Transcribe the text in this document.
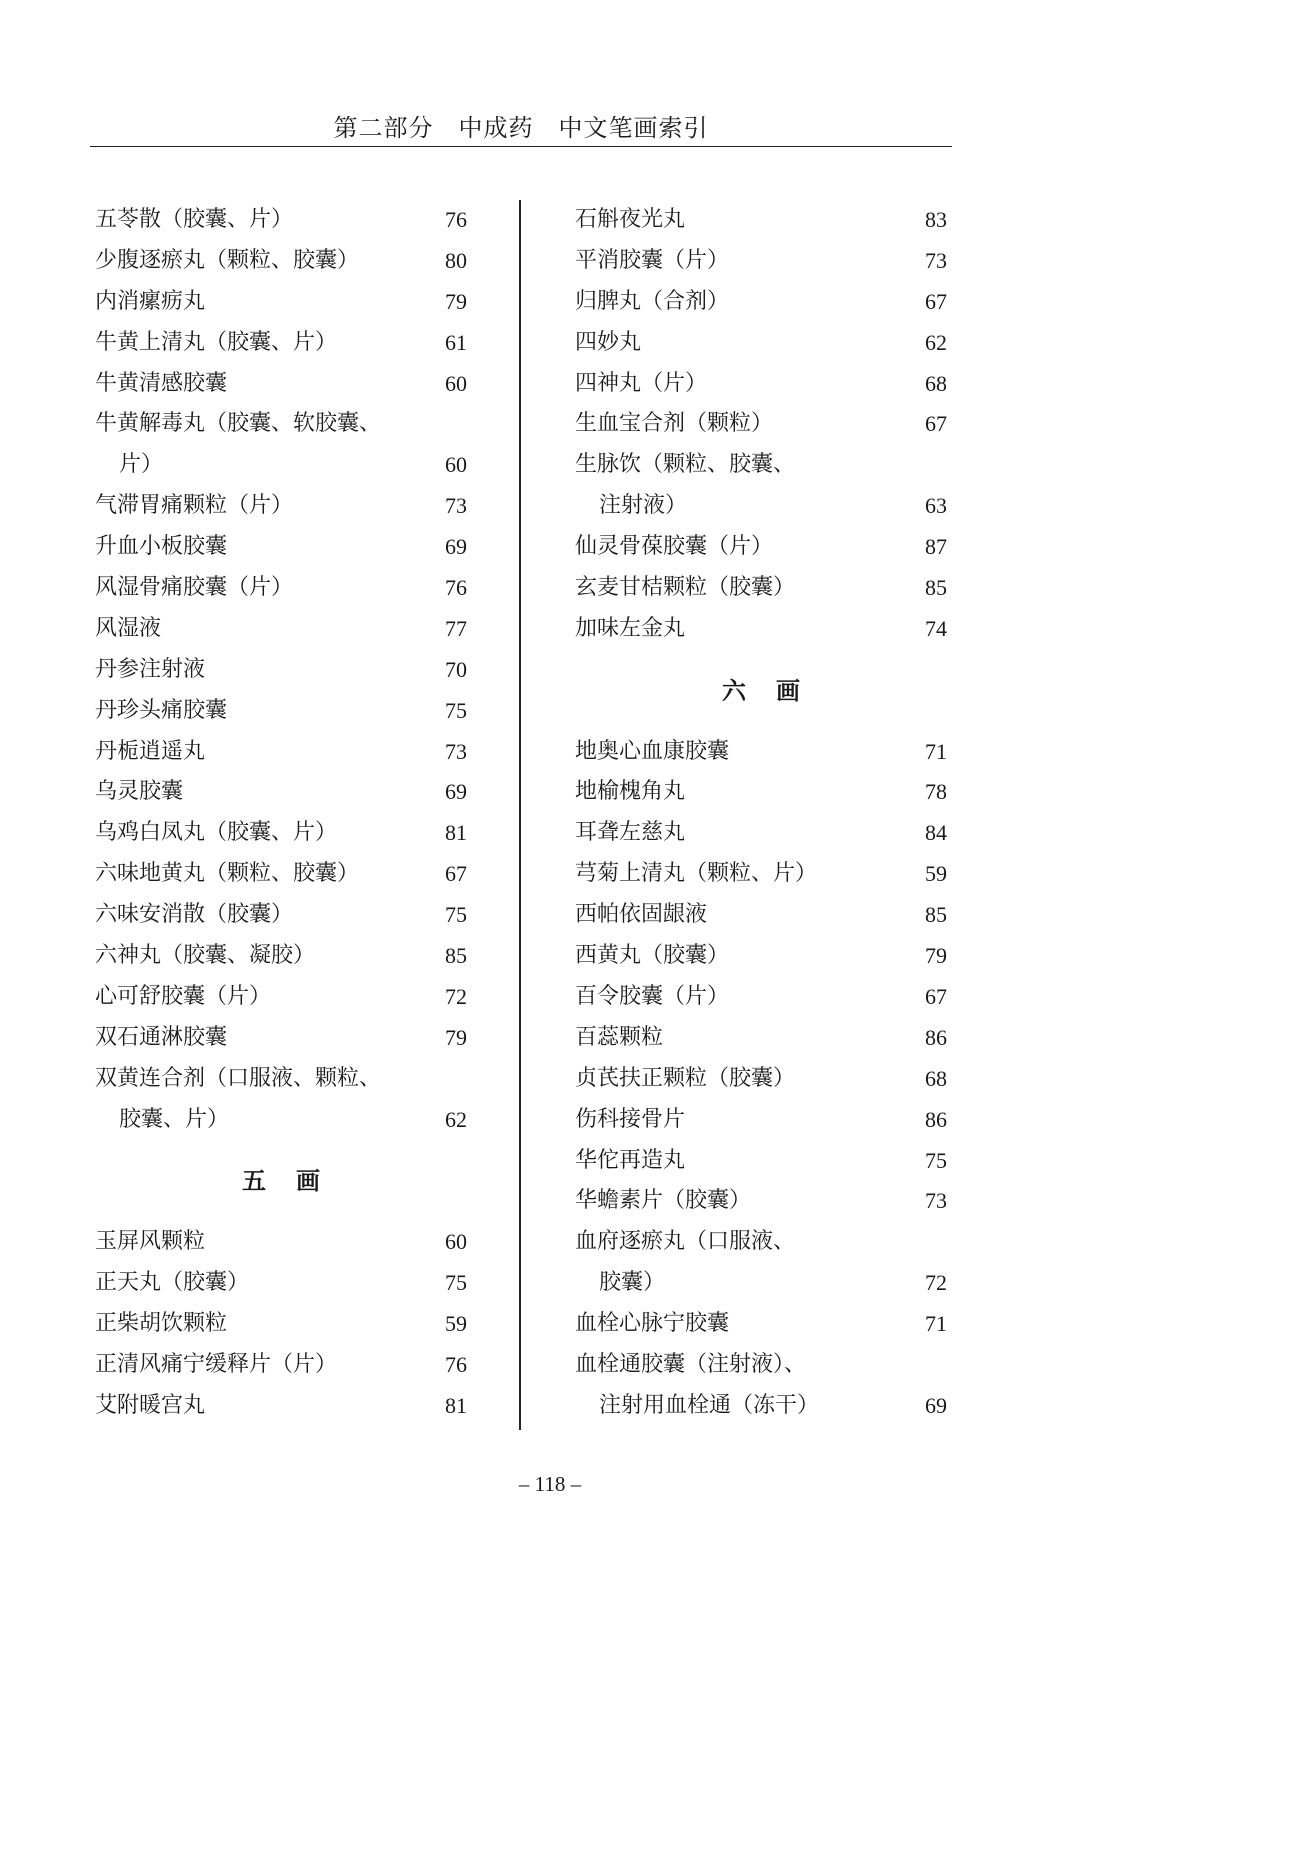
第二部分　中成药　中文笔画索引
五苓散（胶囊、片）	76
少腹逐瘀丸（颗粒、胶囊）	80
内消瘰疬丸	79
牛黄上清丸（胶囊、片）	61
牛黄清感胶囊	60
牛黄解毒丸（胶囊、软胶囊、
片）	60
气滞胃痛颗粒（片）	73
升血小板胶囊	69
风湿骨痛胶囊（片）	76
风湿液	77
丹参注射液	70
丹珍头痛胶囊	75
丹栀逍遥丸	73
乌灵胶囊	69
乌鸡白凤丸（胶囊、片）	81
六味地黄丸（颗粒、胶囊）	67
六味安消散（胶囊）	75
六神丸（胶囊、凝胶）	85
心可舒胶囊（片）	72
双石通淋胶囊	79
双黄连合剂（口服液、颗粒、
胶囊、片）	62
五画
玉屏风颗粒	60
正天丸（胶囊）	75
正柴胡饮颗粒	59
正清风痛宁缓释片（片）	76
艾附暖宫丸	81
石斛夜光丸	83
平消胶囊（片）	73
归脾丸（合剂）	67
四妙丸	62
四神丸（片）	68
生血宝合剂（颗粒）	67
生脉饮（颗粒、胶囊、
注射液）	63
仙灵骨葆胶囊（片）	87
玄麦甘桔颗粒（胶囊）	85
加味左金丸	74
六画
地奥心血康胶囊	71
地榆槐角丸	78
耳聋左慈丸	84
芎菊上清丸（颗粒、片）	59
西帕依固龈液	85
西黄丸（胶囊）	79
百令胶囊（片）	67
百蕊颗粒	86
贞芪扶正颗粒（胶囊）	68
伤科接骨片	86
华佗再造丸	75
华蟾素片（胶囊）	73
血府逐瘀丸（口服液、
胶囊）	72
血栓心脉宁胶囊	71
血栓通胶囊（注射液）、
注射用血栓通（冻干）	69
– 118 –
